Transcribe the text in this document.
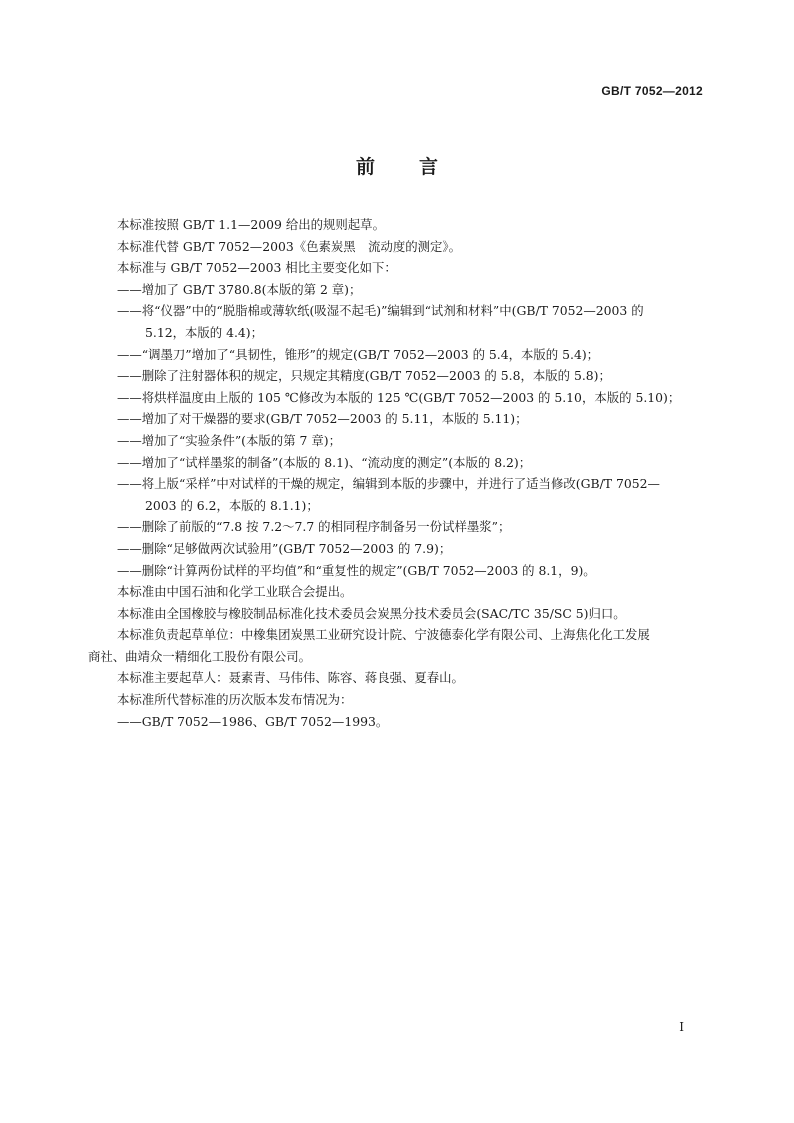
GB/T 7052—2012
前言
本标准按照 GB/T 1.1—2009 给出的规则起草。
本标准代替 GB/T 7052—2003《色素炭黑　流动度的测定》。
本标准与 GB/T 7052—2003 相比主要变化如下：
——增加了 GB/T 3780.8(本版的第 2 章)；
——将“仪器”中的“脱脂棉或薄软纸(吸湿不起毛)”编辑到“试剂和材料”中(GB/T 7052—2003 的
5.12，本版的 4.4)；
——“调墨刀”增加了“具韧性，锥形”的规定(GB/T 7052—2003 的 5.4，本版的 5.4)；
——删除了注射器体积的规定，只规定其精度(GB/T 7052—2003 的 5.8，本版的 5.8)；
——将烘样温度由上版的 105 ℃修改为本版的 125 ℃(GB/T 7052—2003 的 5.10，本版的 5.10)；
——增加了对干燥器的要求(GB/T 7052—2003 的 5.11，本版的 5.11)；
——增加了“实验条件”(本版的第 7 章)；
——增加了“试样墨浆的制备”(本版的 8.1)、“流动度的测定”(本版的 8.2)；
——将上版“采样”中对试样的干燥的规定，编辑到本版的步骤中，并进行了适当修改(GB/T 7052—
2003 的 6.2，本版的 8.1.1)；
——删除了前版的“7.8 按 7.2～7.7 的相同程序制备另一份试样墨浆”；
——删除“足够做两次试验用”(GB/T 7052—2003 的 7.9)；
——删除“计算两份试样的平均值”和“重复性的规定”(GB/T 7052—2003 的 8.1，9)。
本标准由中国石油和化学工业联合会提出。
本标准由全国橡胶与橡胶制品标准化技术委员会炭黑分技术委员会(SAC/TC 35/SC 5)归口。
本标准负责起草单位：中橡集团炭黑工业研究设计院、宁波德泰化学有限公司、上海焦化化工发展
商社、曲靖众一精细化工股份有限公司。
本标准主要起草人：聂素青、马伟伟、陈容、蒋良强、夏春山。
本标准所代替标准的历次版本发布情况为：
——GB/T 7052—1986、GB/T 7052—1993。
I
